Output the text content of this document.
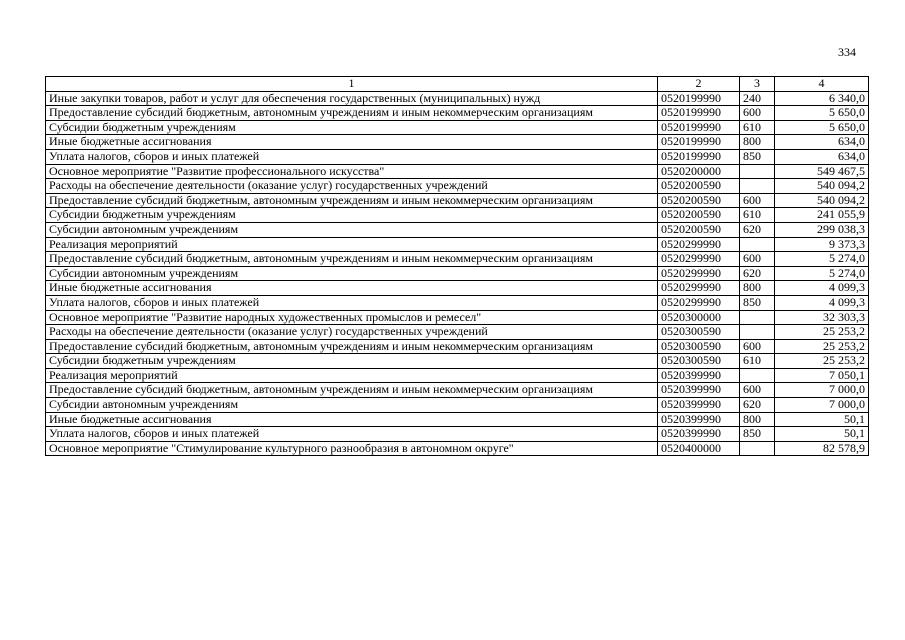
334
1	2	3	4
Иные закупки товаров, работ и услуг для обеспечения государственных (муниципальных) нужд	0520199990	240	6 340,0
Предоставление субсидий бюджетным, автономным учреждениям и иным некоммерческим организациям	0520199990	600	5 650,0
Субсидии бюджетным учреждениям	0520199990	610	5 650,0
Иные бюджетные ассигнования	0520199990	800	634,0
Уплата налогов, сборов и иных платежей	0520199990	850	634,0
Основное мероприятие "Развитие профессионального искусства"	0520200000		549 467,5
Расходы на обеспечение деятельности (оказание услуг) государственных учреждений	0520200590		540 094,2
Предоставление субсидий бюджетным, автономным учреждениям и иным некоммерческим организациям	0520200590	600	540 094,2
Субсидии бюджетным учреждениям	0520200590	610	241 055,9
Субсидии автономным учреждениям	0520200590	620	299 038,3
Реализация мероприятий	0520299990		9 373,3
Предоставление субсидий бюджетным, автономным учреждениям и иным некоммерческим организациям	0520299990	600	5 274,0
Субсидии автономным учреждениям	0520299990	620	5 274,0
Иные бюджетные ассигнования	0520299990	800	4 099,3
Уплата налогов, сборов и иных платежей	0520299990	850	4 099,3
Основное мероприятие "Развитие народных художественных промыслов и ремесел"	0520300000		32 303,3
Расходы на обеспечение деятельности (оказание услуг) государственных учреждений	0520300590		25 253,2
Предоставление субсидий бюджетным, автономным учреждениям и иным некоммерческим организациям	0520300590	600	25 253,2
Субсидии бюджетным учреждениям	0520300590	610	25 253,2
Реализация мероприятий	0520399990		7 050,1
Предоставление субсидий бюджетным, автономным учреждениям и иным некоммерческим организациям	0520399990	600	7 000,0
Субсидии автономным учреждениям	0520399990	620	7 000,0
Иные бюджетные ассигнования	0520399990	800	50,1
Уплата налогов, сборов и иных платежей	0520399990	850	50,1
Основное мероприятие "Стимулирование культурного разнообразия в автономном округе"	0520400000		82 578,9
